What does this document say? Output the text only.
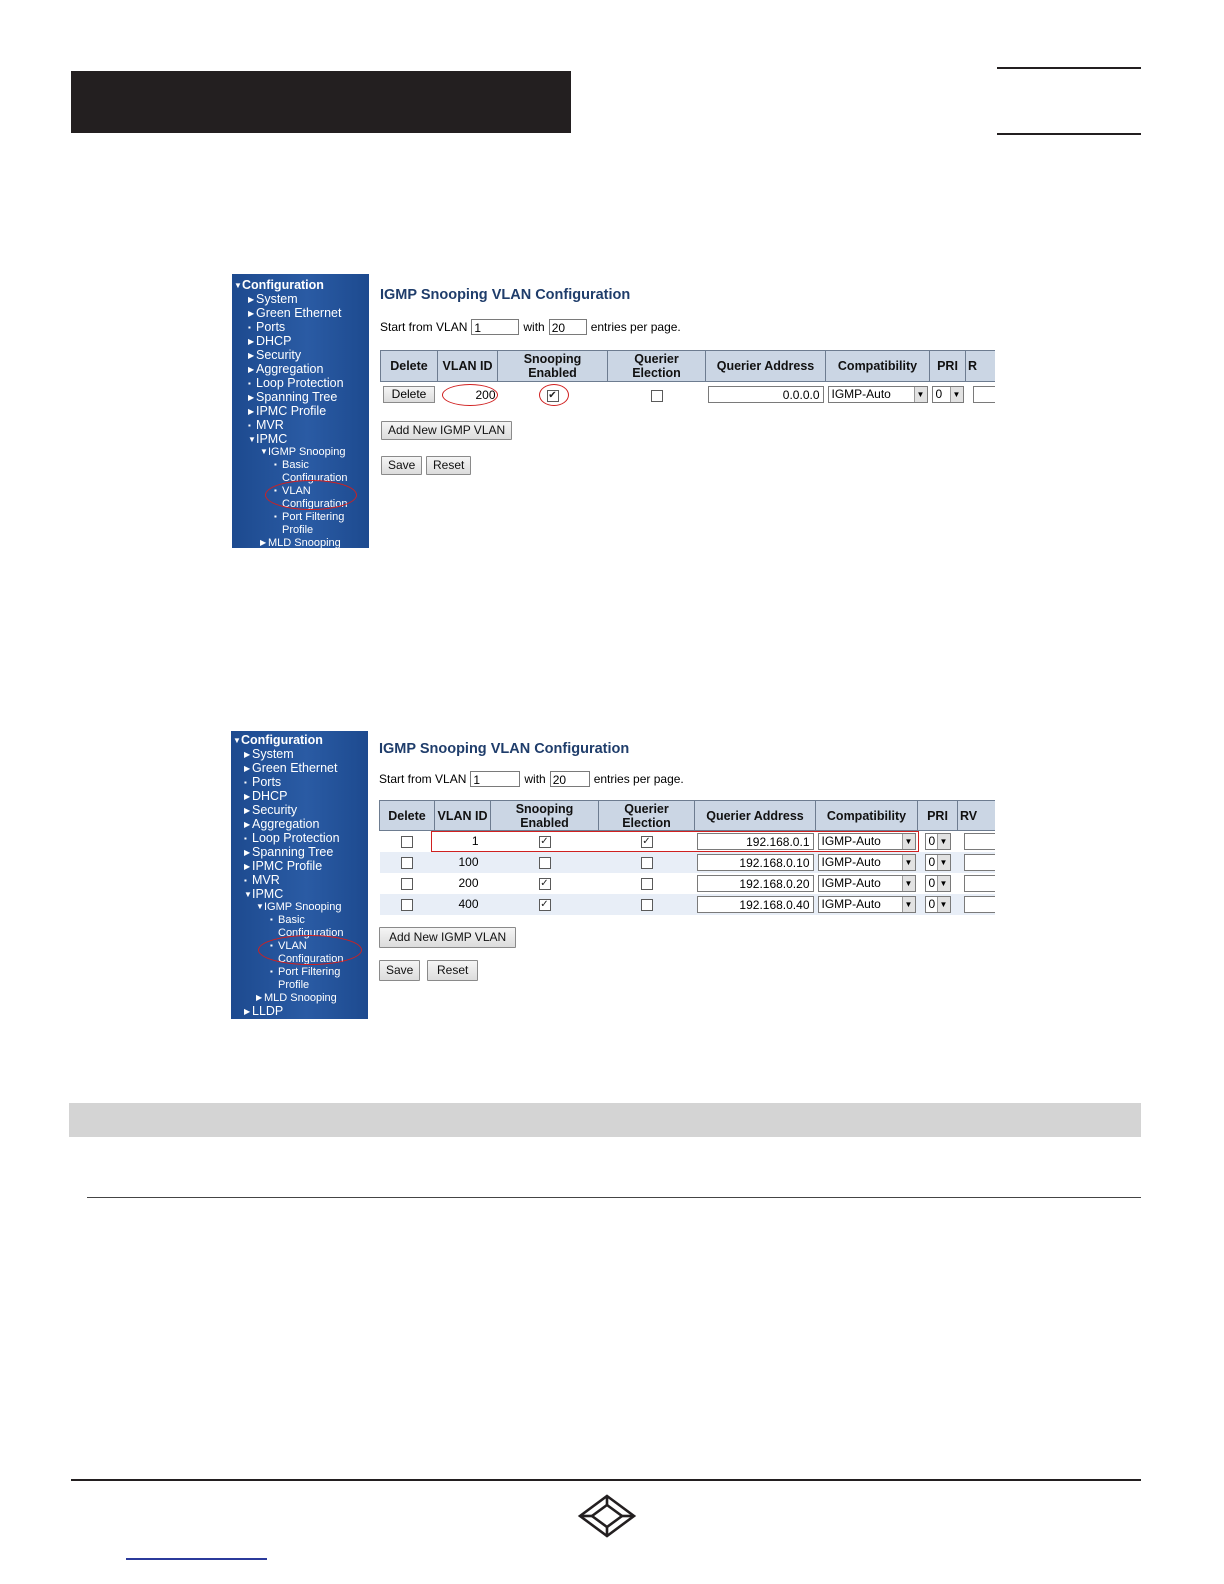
▼Configuration
▶ System
▶ Green Ethernet
▪ Ports
▶ DHCP
▶ Security
▶ Aggregation
▪ Loop Protection
▶ Spanning Tree
▶ IPMC Profile
▪ MVR
▼IPMC
▼IGMP Snooping
▪ Basic
Configuration
▪ VLAN
Configuration
▪ Port Filtering
Profile
▶ MLD Snooping
IGMP Snooping VLAN Configuration
Start from VLAN 1	with 20	entries per page.
Delete	VLAN ID	Snooping Enabled	Querier Election	Querier Address	Compatibility	PRI	R
Delete	200	✔		0.0.0.0	IGMP-Auto ▼	0 ▼	

Add New IGMP VLAN
Save	Reset
▼Configuration
▶ System
▶ Green Ethernet
▪ Ports
▶ DHCP
▶ Security
▶ Aggregation
▪ Loop Protection
▶ Spanning Tree
▶ IPMC Profile
▪ MVR
▼IPMC
▼IGMP Snooping
▪ Basic
Configuration
▪ VLAN
Configuration
▪ Port Filtering
Profile
▶ MLD Snooping
▶ LLDP
IGMP Snooping VLAN Configuration
Start from VLAN 1	with 20	entries per page.
Delete	VLAN ID	Snooping Enabled	Querier Election	Querier Address	Compatibility	PRI	RV
	1	✓	✓	192.168.0.1	IGMP-Auto ▼	0 ▼	

	100			192.168.0.10	IGMP-Auto ▼	0 ▼	

	200	✓		192.168.0.20	IGMP-Auto ▼	0 ▼	

	400	✓		192.168.0.40	IGMP-Auto ▼	0 ▼	

Add New IGMP VLAN
Save	Reset
